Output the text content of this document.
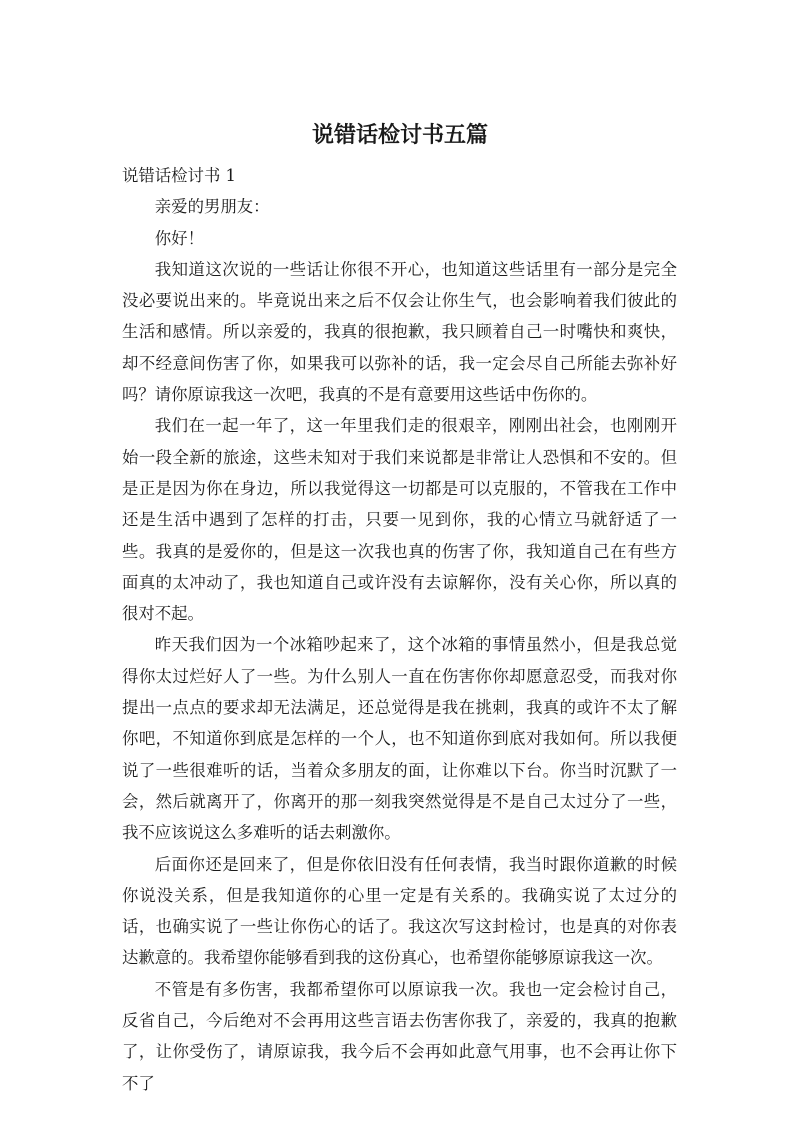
说错话检讨书五篇

说错话检讨书 1

亲爱的男朋友：

你好！

我知道这次说的一些话让你很不开心，也知道这些话里有一部分是完全没必要说出来的。毕竟说出来之后不仅会让你生气，也会影响着我们彼此的生活和感情。所以亲爱的，我真的很抱歉，我只顾着自己一时嘴快和爽快，却不经意间伤害了你，如果我可以弥补的话，我一定会尽自己所能去弥补好吗？请你原谅我这一次吧，我真的不是有意要用这些话中伤你的。

我们在一起一年了，这一年里我们走的很艰辛，刚刚出社会，也刚刚开始一段全新的旅途，这些未知对于我们来说都是非常让人恐惧和不安的。但是正是因为你在身边，所以我觉得这一切都是可以克服的，不管我在工作中还是生活中遇到了怎样的打击，只要一见到你，我的心情立马就舒适了一些。我真的是爱你的，但是这一次我也真的伤害了你，我知道自己在有些方面真的太冲动了，我也知道自己或许没有去谅解你，没有关心你，所以真的很对不起。

昨天我们因为一个冰箱吵起来了，这个冰箱的事情虽然小，但是我总觉得你太过烂好人了一些。为什么别人一直在伤害你你却愿意忍受，而我对你提出一点点的要求却无法满足，还总觉得是我在挑刺，我真的或许不太了解你吧，不知道你到底是怎样的一个人，也不知道你到底对我如何。所以我便说了一些很难听的话，当着众多朋友的面，让你难以下台。你当时沉默了一会，然后就离开了，你离开的那一刻我突然觉得是不是自己太过分了一些，我不应该说这么多难听的话去刺激你。

后面你还是回来了，但是你依旧没有任何表情，我当时跟你道歉的时候你说没关系，但是我知道你的心里一定是有关系的。我确实说了太过分的话，也确实说了一些让你伤心的话了。我这次写这封检讨，也是真的对你表达歉意的。我希望你能够看到我的这份真心，也希望你能够原谅我这一次。

不管是有多伤害，我都希望你可以原谅我一次。我也一定会检讨自己，反省自己，今后绝对不会再用这些言语去伤害你我了，亲爱的，我真的抱歉了，让你受伤了，请原谅我，我今后不会再如此意气用事，也不会再让你下不了
